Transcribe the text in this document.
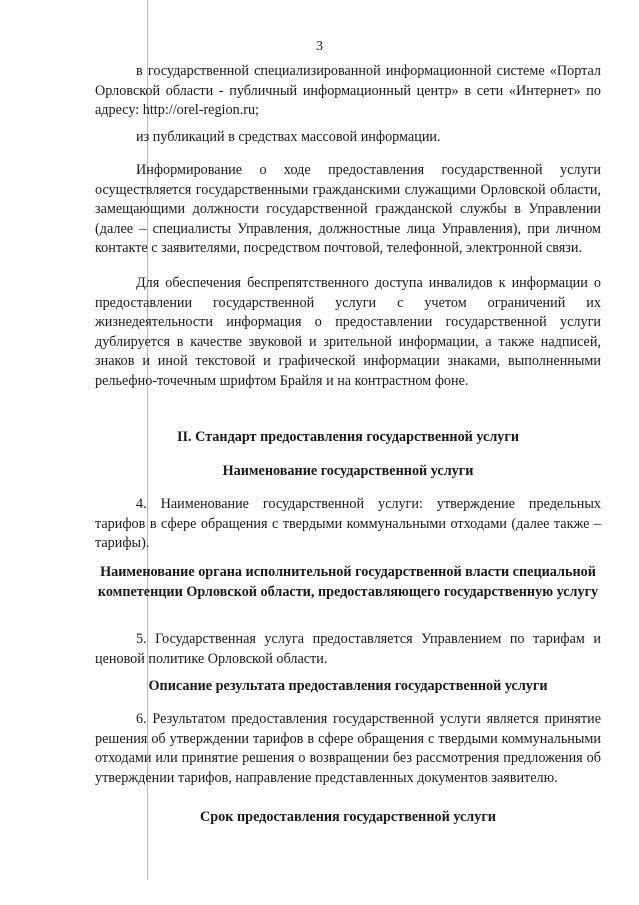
3

в государственной специализированной информационной системе «Портал Орловской области - публичный информационный центр» в сети «Интернет» по адресу: http://orel-region.ru;

из публикаций в средствах массовой информации.

Информирование о ходе предоставления государственной услуги осуществляется государственными гражданскими служащими Орловской области, замещающими должности государственной гражданской службы в Управлении (далее – специалисты Управления, должностные лица Управления), при личном контакте с заявителями, посредством почтовой, телефонной, электронной связи.

Для обеспечения беспрепятственного доступа инвалидов к информации о предоставлении государственной услуги с учетом ограничений их жизнедеятельности информация о предоставлении государственной услуги дублируется в качестве звуковой и зрительной информации, а также надписей, знаков и иной текстовой и графической информации знаками, выполненными рельефно-точечным шрифтом Брайля и на контрастном фоне.

II. Стандарт предоставления государственной услуги

Наименование государственной услуги

4. Наименование государственной услуги: утверждение предельных тарифов в сфере обращения с твердыми коммунальными отходами (далее также – тарифы).

Наименование органа исполнительной государственной власти специальной компетенции Орловской области, предоставляющего государственную услугу

5. Государственная услуга предоставляется Управлением по тарифам и ценовой политике Орловской области.

Описание результата предоставления государственной услуги

6. Результатом предоставления государственной услуги является принятие решения об утверждении тарифов в сфере обращения с твердыми коммунальными отходами или принятие решения о возвращении без рассмотрения предложения об утверждении тарифов, направление представленных документов заявителю.

Срок предоставления государственной услуги
